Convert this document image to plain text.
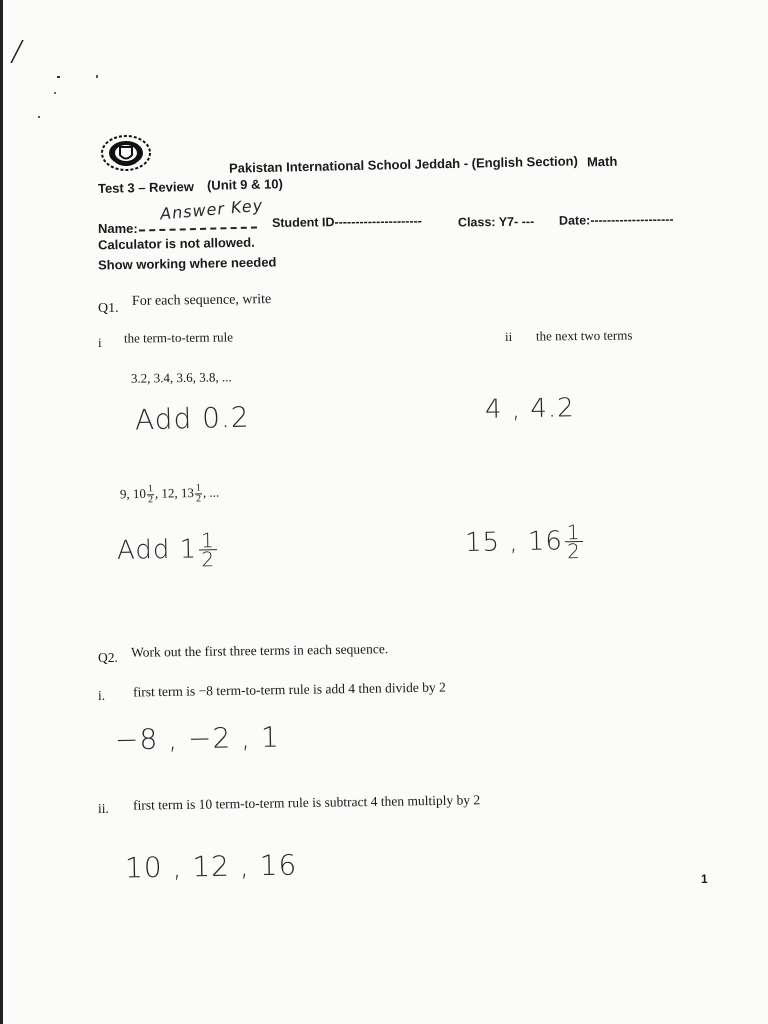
/
Pakistan International School Jeddah - (English Section) Math
Test 3 – Review (Unit 9 & 10)
Name:
Answer Key Student ID---------------------	Class: Y7- --- Date:--------------------
Calculator is not allowed.
Show working where needed
Q1. For each sequence, write
i the term-to-term rule	ii the next two terms
3.2, 3.4, 3.6, 3.8, ...
Add 0.2	4 , 4.2
9, $10 \frac{1}{2}$ , 12, $13 \frac{1}{2}$ , ...
Add $1 \frac{1}{2}$	15 , $16 \frac{1}{2}$
Q2. Work out the first three terms in each sequence.
i. first term is −8 term-to-term rule is add 4 then divide by 2
−8 , −2 , 1
ii. first term is 10 term-to-term rule is subtract 4 then multiply by 2
10 , 12 , 16	1
